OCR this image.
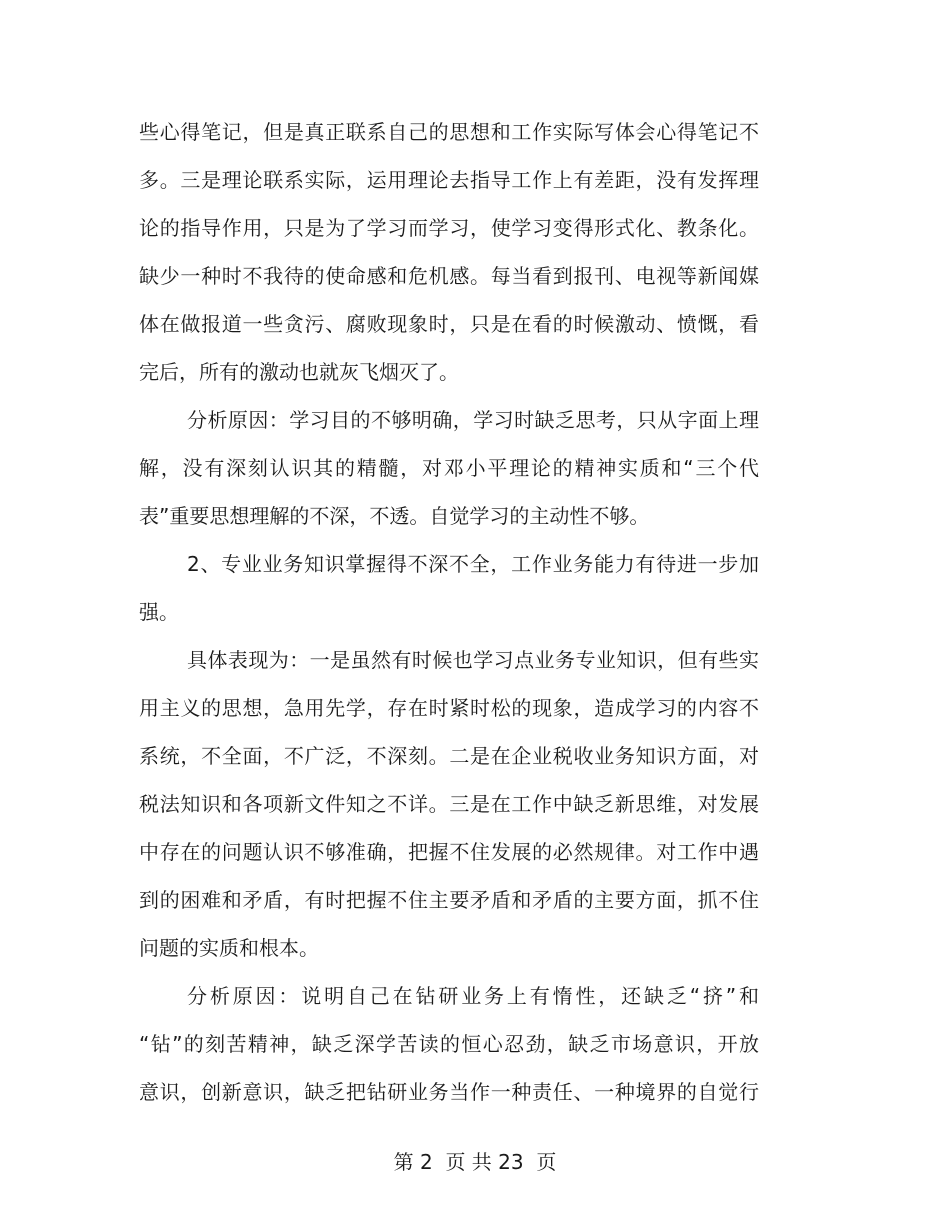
些心得笔记，但是真正联系自己的思想和工作实际写体会心得笔记不
多。三是理论联系实际，运用理论去指导工作上有差距，没有发挥理
论的指导作用，只是为了学习而学习，使学习变得形式化、教条化。
缺少一种时不我待的使命感和危机感。每当看到报刊、电视等新闻媒
体在做报道一些贪污、腐败现象时，只是在看的时候激动、愤慨，看
完后，所有的激动也就灰飞烟灭了。
分析原因：学习目的不够明确，学习时缺乏思考，只从字面上理
解，没有深刻认识其的精髓，对邓小平理论的精神实质和“三个代
表”重要思想理解的不深，不透。自觉学习的主动性不够。
2、专业业务知识掌握得不深不全，工作业务能力有待进一步加
强。
具体表现为：一是虽然有时候也学习点业务专业知识，但有些实
用主义的思想，急用先学，存在时紧时松的现象，造成学习的内容不
系统，不全面，不广泛，不深刻。二是在企业税收业务知识方面，对
税法知识和各项新文件知之不详。三是在工作中缺乏新思维，对发展
中存在的问题认识不够准确，把握不住发展的必然规律。对工作中遇
到的困难和矛盾，有时把握不住主要矛盾和矛盾的主要方面，抓不住
问题的实质和根本。
分析原因：说明自己在钻研业务上有惰性，还缺乏“挤”和
“钻”的刻苦精神，缺乏深学苦读的恒心忍劲，缺乏市场意识，开放
意识，创新意识，缺乏把钻研业务当作一种责任、一种境界的自觉行
第 2  页 共 23  页
